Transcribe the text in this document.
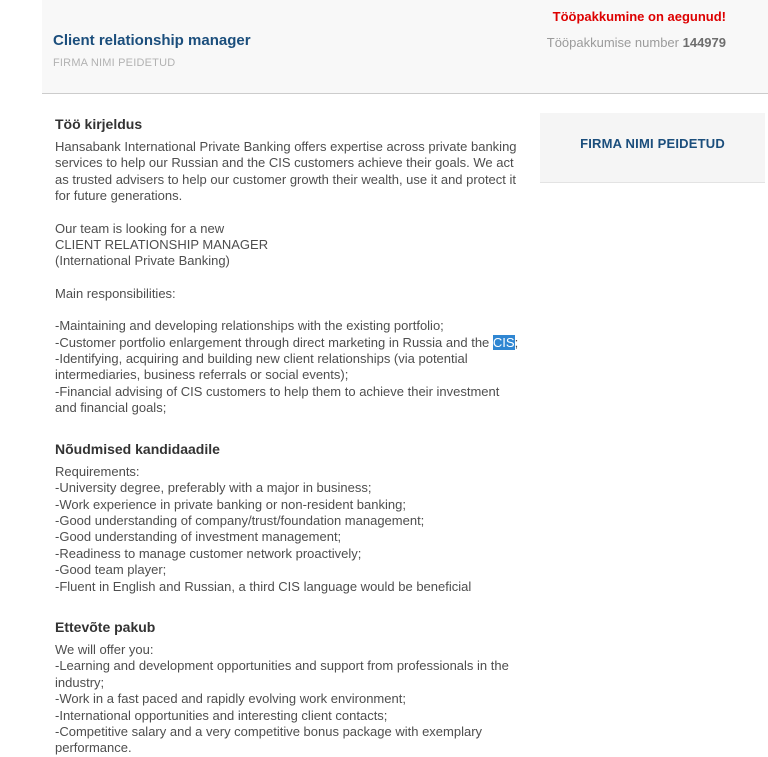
Client relationship manager
FIRMA NIMI PEIDETUD
Tööpakkumine on aegunud!
Tööpakkumise number 144979
FIRMA NIMI PEIDETUD
Töö kirjeldus

Hansabank International Private Banking offers expertise across private banking services to help our Russian and the CIS customers achieve their goals. We act as trusted advisers to help our customer growth their wealth, use it and protect it for future generations.

Our team is looking for a new
CLIENT RELATIONSHIP MANAGER
(International Private Banking)

Main responsibilities:

-Maintaining and developing relationships with the existing portfolio;
-Customer portfolio enlargement through direct marketing in Russia and the CIS;
-Identifying, acquiring and building new client relationships (via potential intermediaries, business referrals or social events);
-Financial advising of CIS customers to help them to achieve their investment and financial goals;
Nõudmised kandidaadile
Requirements:
-University degree, preferably with a major in business;
-Work experience in private banking or non-resident banking;
-Good understanding of company/trust/foundation management;
-Good understanding of investment management;
-Readiness to manage customer network proactively;
-Good team player;
-Fluent in English and Russian, a third CIS language would be beneficial
Ettevõte pakub
We will offer you:
-Learning and development opportunities and support from professionals in the industry;
-Work in a fast paced and rapidly evolving work environment;
-International opportunities and interesting client contacts;
-Competitive salary and a very competitive bonus package with exemplary performance.
